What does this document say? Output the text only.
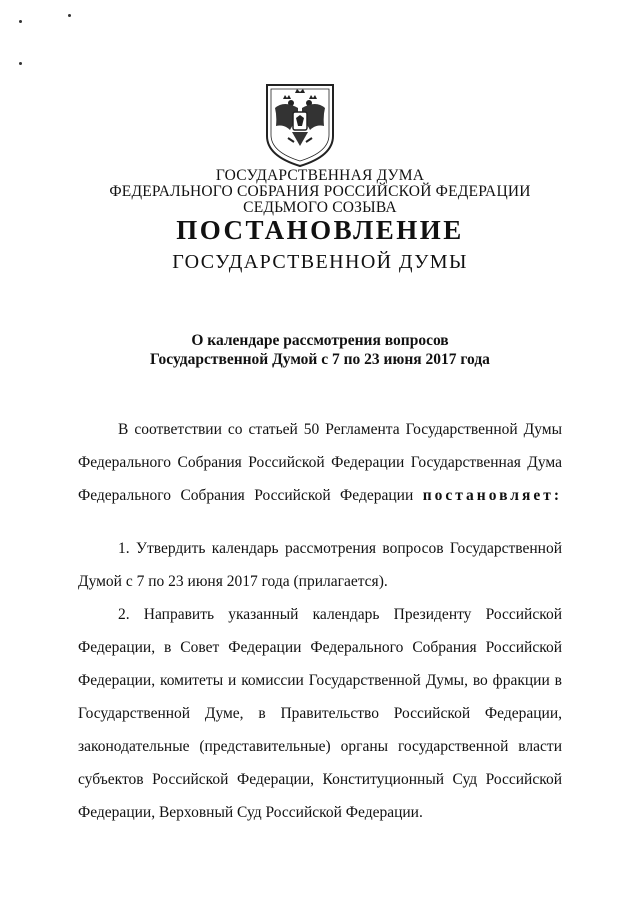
ГОСУДАРСТВЕННАЯ ДУМА
ФЕДЕРАЛЬНОГО СОБРАНИЯ РОССИЙСКОЙ ФЕДЕРАЦИИ
СЕДЬМОГО СОЗЫВА
ПОСТАНОВЛЕНИЕ
ГОСУДАРСТВЕННОЙ ДУМЫ
О календаре рассмотрения вопросов
Государственной Думой с 7 по 23 июня 2017 года
В соответствии со статьей 50 Регламента Государственной Думы
Федерального Собрания Российской Федерации Государственная Дума
Федерального Собрания Российской Федерации постановляет:
1. Утвердить календарь рассмотрения вопросов Государственной
Думой с 7 по 23 июня 2017 года (прилагается).
2. Направить указанный календарь Президенту Российской
Федерации, в Совет Федерации Федерального Собрания Российской
Федерации, комитеты и комиссии Государственной Думы, во фракции в
Государственной Думе, в Правительство Российской Федерации,
законодательные (представительные) органы государственной власти
субъектов Российской Федерации, Конституционный Суд Российской
Федерации, Верховный Суд Российской Федерации.
